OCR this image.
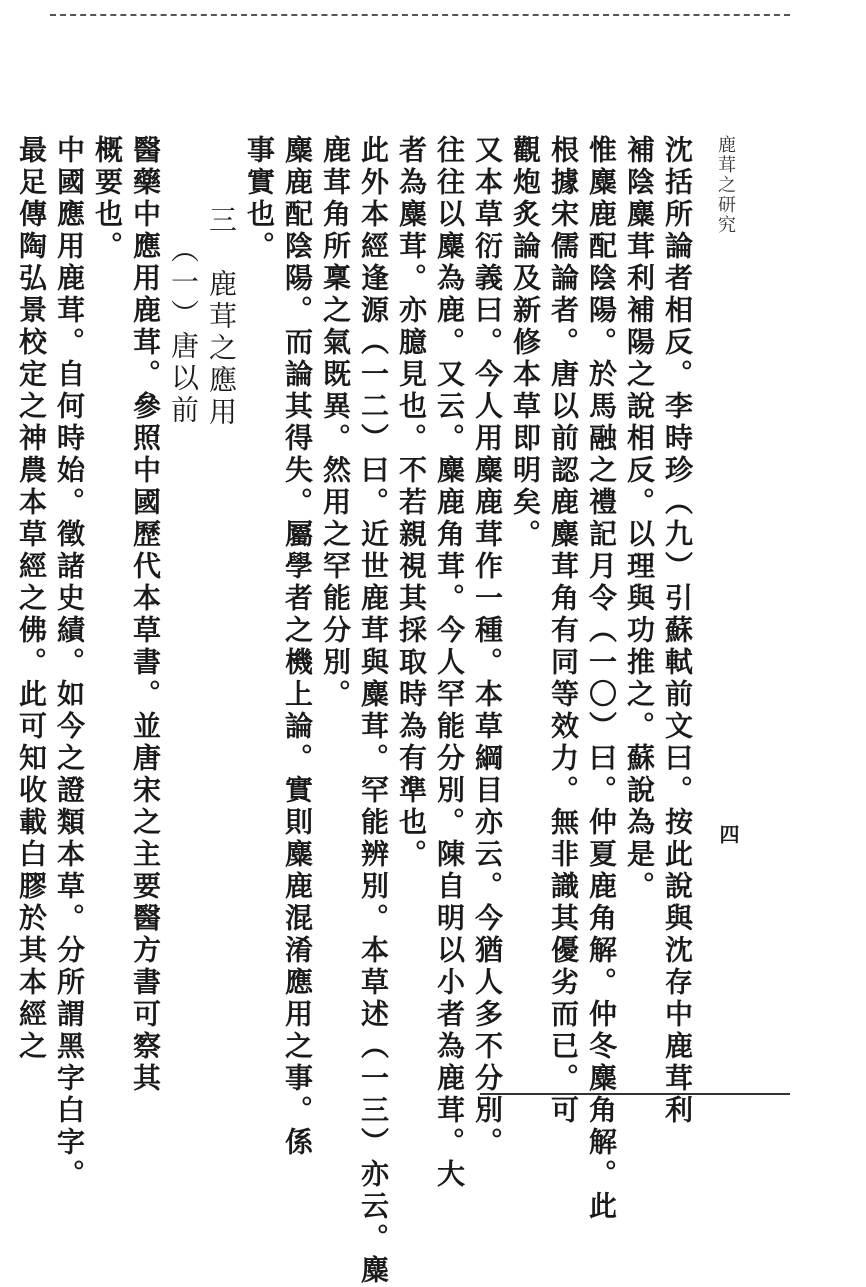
鹿茸之研究
四
沈括所論者相反。李時珍（九）引蘇軾前文曰。按此說與沈存中鹿茸利
補陰麋茸利補陽之說相反。以理與功推之。蘇說為是。
惟麋鹿配陰陽。於馬融之禮記月令（一〇）曰。仲夏鹿角解。仲冬麋角解。此
根據宋儒論者。唐以前認鹿麋茸角有同等效力。無非識其優劣而已。可
觀炮炙論及新修本草即明矣。
又本草衍義曰。今人用麋鹿茸作一種。本草綱目亦云。今猶人多不分別。
往往以麋為鹿。又云。麋鹿角茸。今人罕能分別。陳自明以小者為鹿茸。大
者為麋茸。亦臆見也。不若親視其採取時為有準也。
此外本經逢源（一二）曰。近世鹿茸與麋茸。罕能辨別。本草述（一三）亦云。麋
鹿茸角所稟之氣既異。然用之罕能分別。
麋鹿配陰陽。而論其得失。屬學者之機上論。實則麋鹿混淆應用之事。係
事實也。
三　鹿茸之應用
（一）唐以前
醫藥中應用鹿茸。參照中國歷代本草書。並唐宋之主要醫方書可察其
概要也。
中國應用鹿茸。自何時始。徵諸史績。如今之證類本草。分所謂黑字白字。
最足傳陶弘景校定之神農本草經之佛。此可知收載白膠於其本經之
